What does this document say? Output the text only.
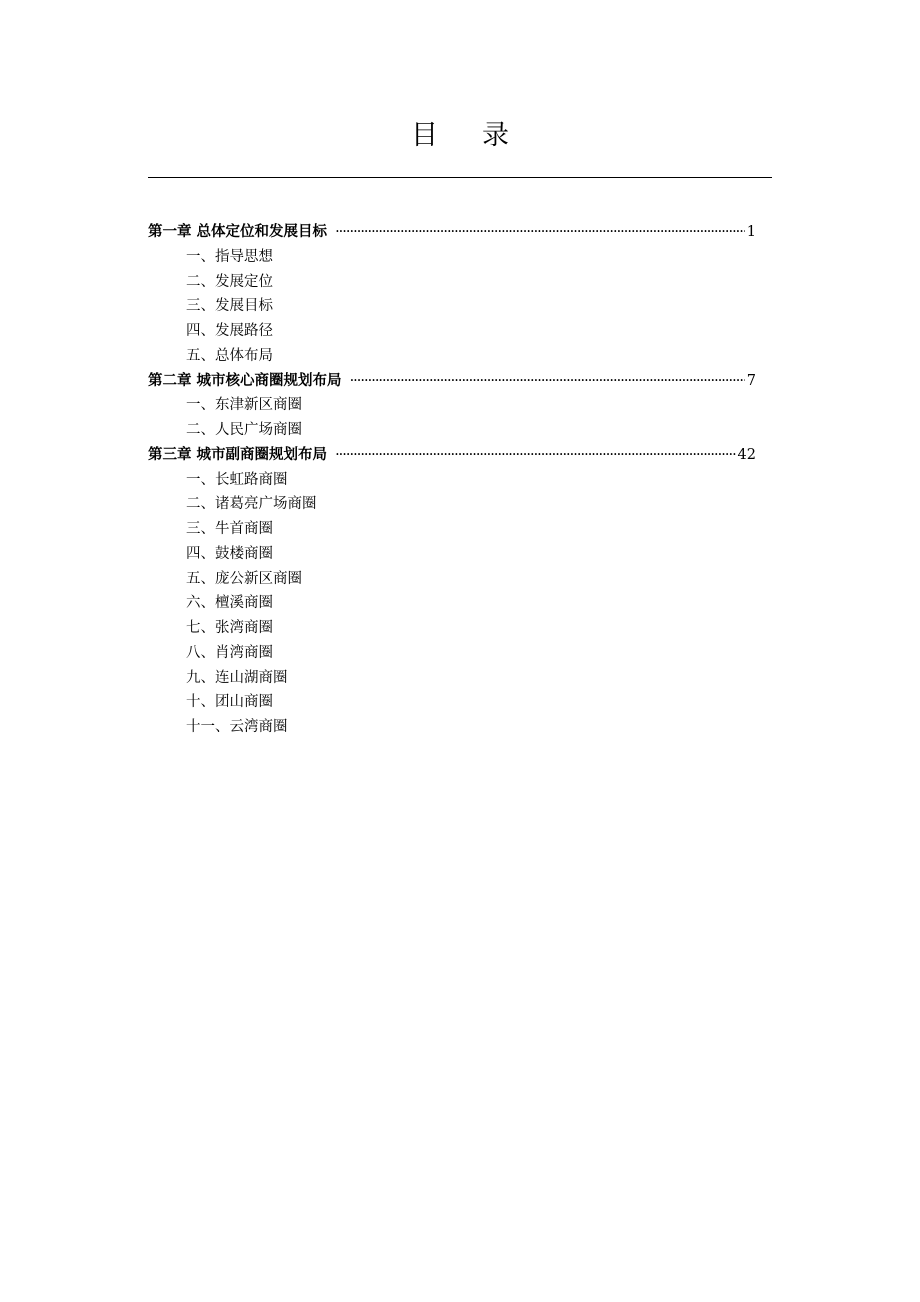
目 录
第一章 总体定位和发展目标 ·····	1
一、指导思想
二、发展定位
三、发展目标
四、发展路径
五、总体布局
第二章 城市核心商圈规划布局 ·····	7
一、东津新区商圈
二、人民广场商圈
第三章 城市副商圈规划布局 ·····	42
一、长虹路商圈
二、诸葛亮广场商圈
三、牛首商圈
四、鼓楼商圈
五、庞公新区商圈
六、檀溪商圈
七、张湾商圈
八、肖湾商圈
九、连山湖商圈
十、团山商圈
十一、云湾商圈
